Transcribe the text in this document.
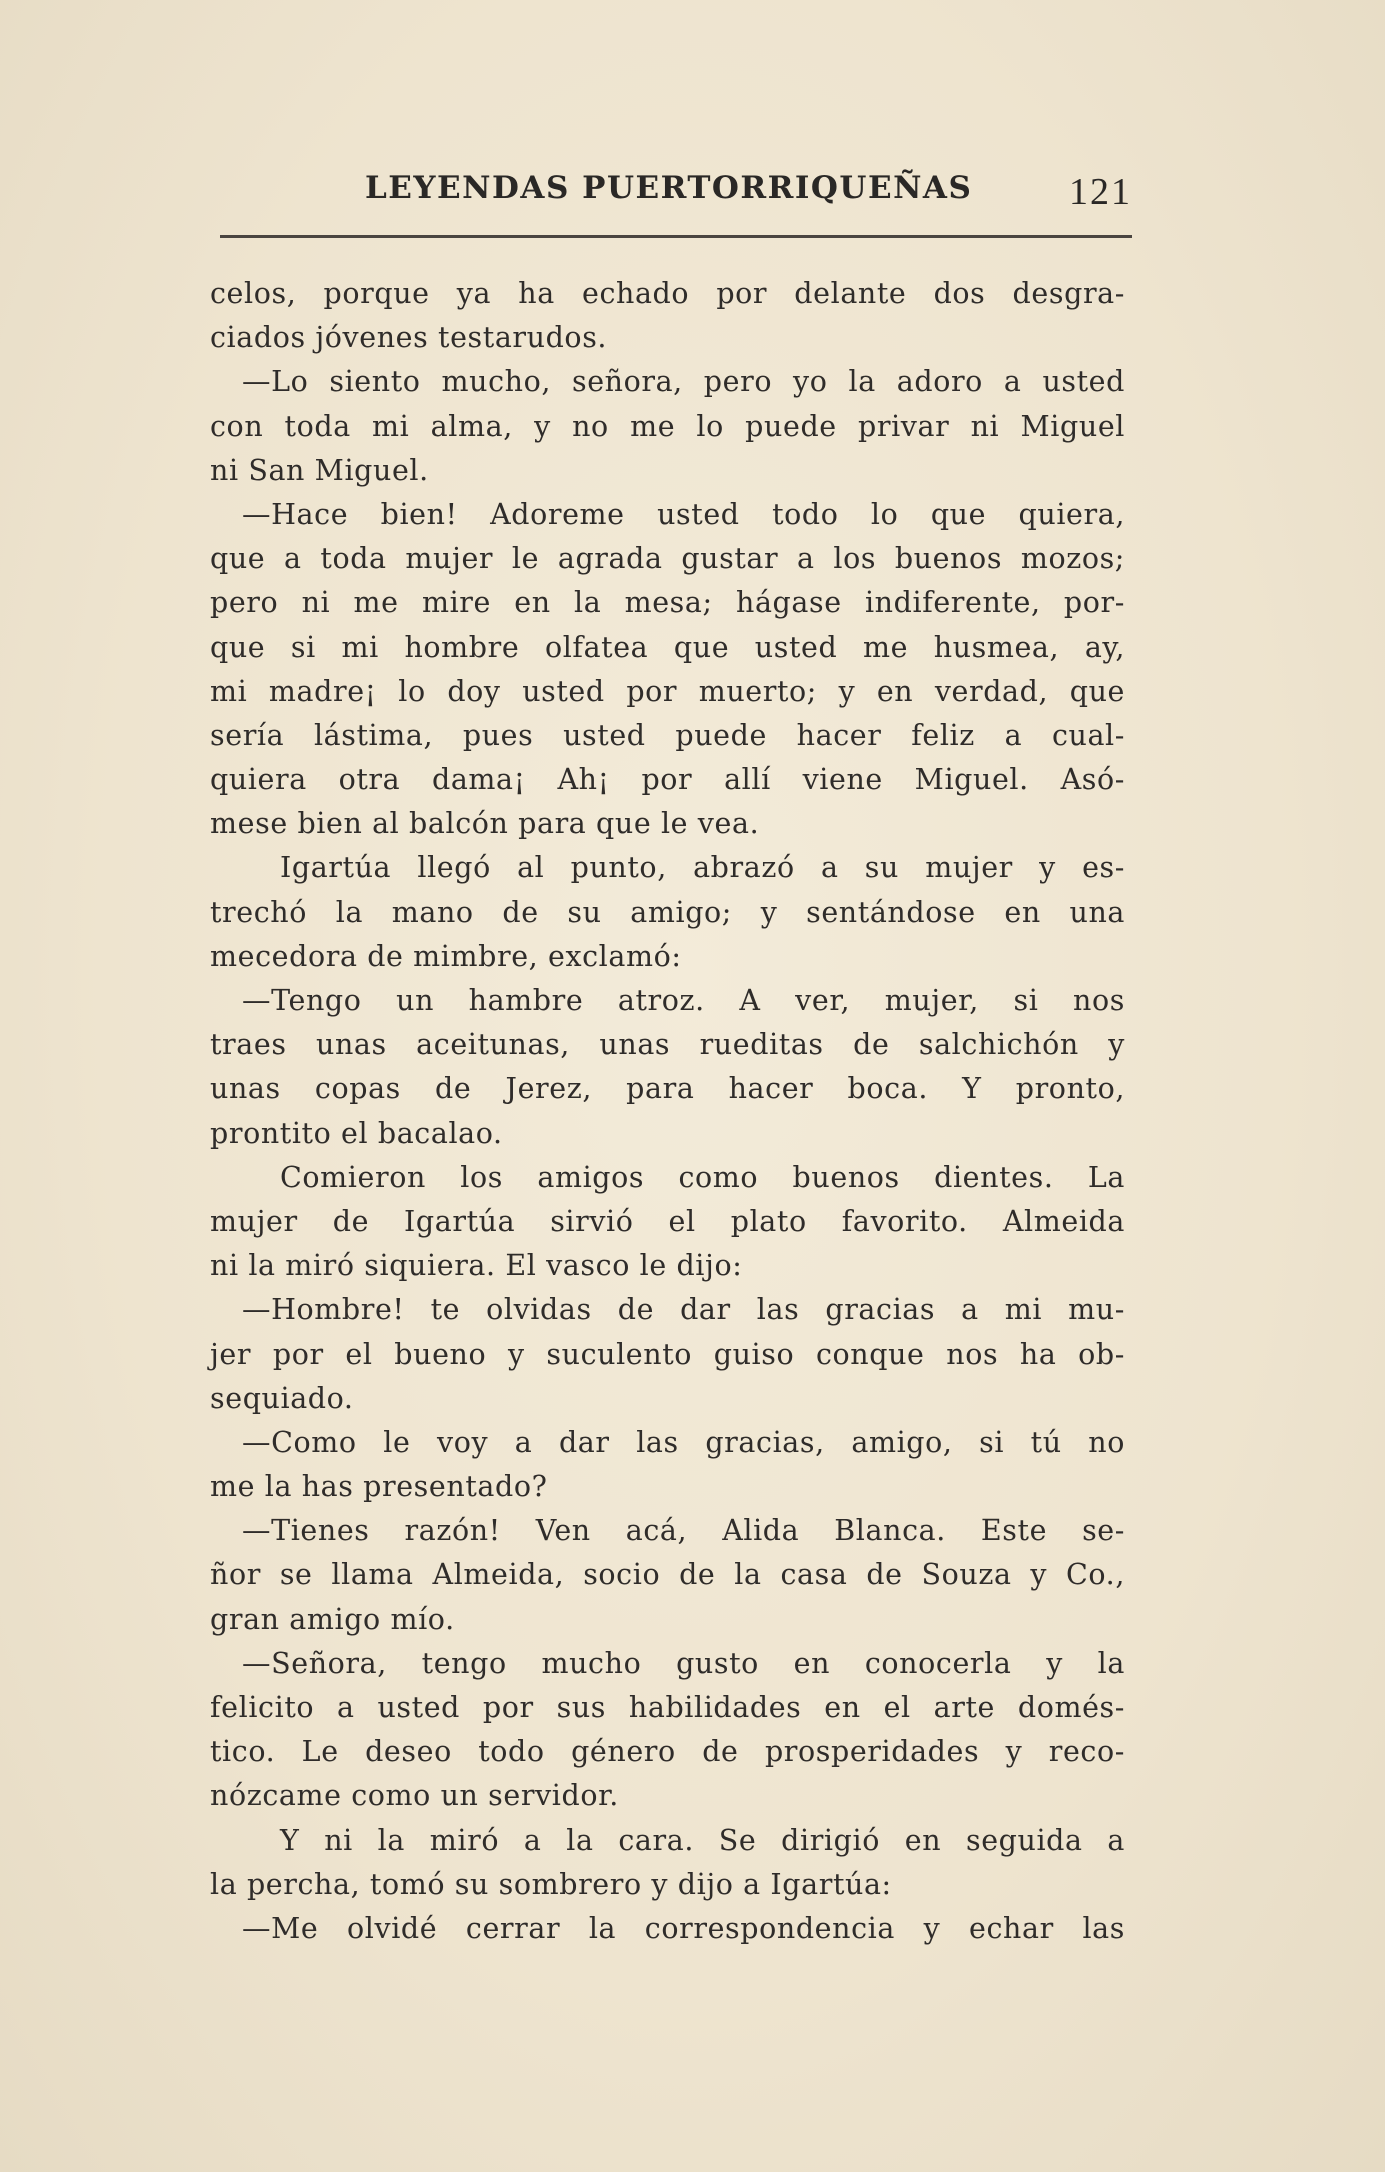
LEYENDAS PUERTORRIQUEÑAS	121
celos, porque ya ha echado por delante dos desgra-
ciados jóvenes testarudos.
—Lo siento mucho, señora, pero yo la adoro a usted
con toda mi alma, y no me lo puede privar ni Miguel
ni San Miguel.
—Hace bien! Adoreme usted todo lo que quiera,
que a toda mujer le agrada gustar a los buenos mozos;
pero ni me mire en la mesa; hágase indiferente, por-
que si mi hombre olfatea que usted me husmea, ay,
mi madre¡ lo doy usted por muerto; y en verdad, que
sería lástima, pues usted puede hacer feliz a cual-
quiera otra dama¡ Ah¡ por allí viene Miguel. Asó-
mese bien al balcón para que le vea.
Igartúa llegó al punto, abrazó a su mujer y es-
trechó la mano de su amigo; y sentándose en una
mecedora de mimbre, exclamó:
—Tengo un hambre atroz. A ver, mujer, si nos
traes unas aceitunas, unas rueditas de salchichón y
unas copas de Jerez, para hacer boca. Y pronto,
prontito el bacalao.
Comieron los amigos como buenos dientes. La
mujer de Igartúa sirvió el plato favorito. Almeida
ni la miró siquiera. El vasco le dijo:
—Hombre! te olvidas de dar las gracias a mi mu-
jer por el bueno y suculento guiso conque nos ha ob-
sequiado.
—Como le voy a dar las gracias, amigo, si tú no
me la has presentado?
—Tienes razón! Ven acá, Alida Blanca. Este se-
ñor se llama Almeida, socio de la casa de Souza y Co.,
gran amigo mío.
—Señora, tengo mucho gusto en conocerla y la
felicito a usted por sus habilidades en el arte domés-
tico. Le deseo todo género de prosperidades y reco-
nózcame como un servidor.
Y ni la miró a la cara. Se dirigió en seguida a
la percha, tomó su sombrero y dijo a Igartúa:
—Me olvidé cerrar la correspondencia y echar las
